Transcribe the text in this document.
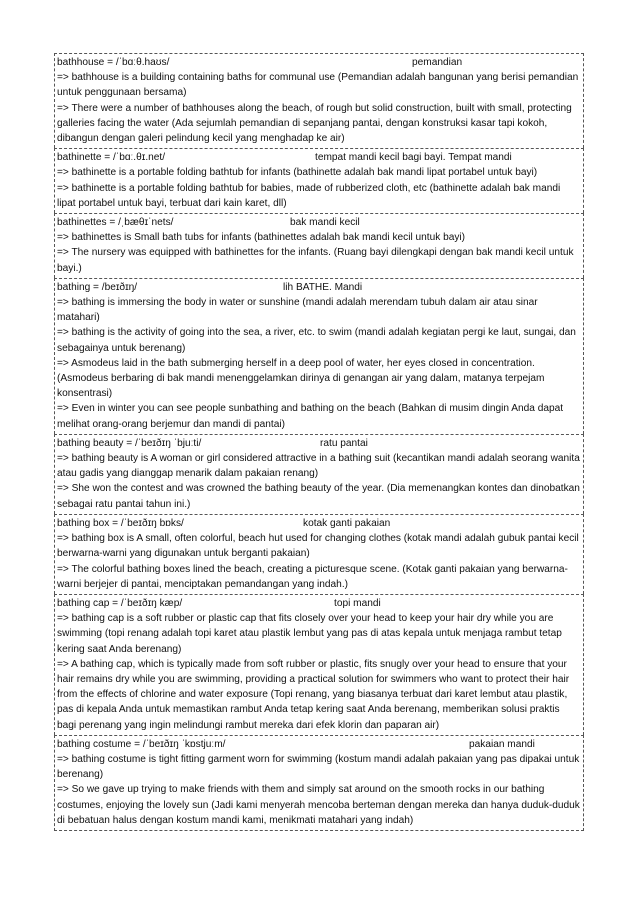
bathhouse = /ˈbɑːθ.haʊs/	pemandian
=> bathhouse is a building containing baths for communal use (Pemandian adalah bangunan yang berisi pemandian untuk penggunaan bersama)
=> There were a number of bathhouses along the beach, of rough but solid construction, built with small, protecting galleries facing the water (Ada sejumlah pemandian di sepanjang pantai, dengan konstruksi kasar tapi kokoh, dibangun dengan galeri pelindung kecil yang menghadap ke air)
bathinette = /ˈbɑː.θɪ.net/	tempat mandi kecil bagi bayi. Tempat mandi
=> bathinette is a portable folding bathtub for infants (bathinette adalah bak mandi lipat portabel untuk bayi)
=> bathinette is a portable folding bathtub for babies, made of rubberized cloth, etc (bathinette adalah bak mandi lipat portabel untuk bayi, terbuat dari kain karet, dll)
bathinettes = /ˌbæθɪˈnets/	bak mandi kecil
=> bathinettes is Small bath tubs for infants (bathinettes adalah bak mandi kecil untuk bayi)
=> The nursery was equipped with bathinettes for the infants. (Ruang bayi dilengkapi dengan bak mandi kecil untuk bayi.)
bathing = /beɪðɪŋ/	lih BATHE. Mandi
=> bathing is immersing the body in water or sunshine (mandi adalah merendam tubuh dalam air atau sinar matahari)
=> bathing is the activity of going into the sea, a river, etc. to swim (mandi adalah kegiatan pergi ke laut, sungai, dan sebagainya untuk berenang)
=> Asmodeus laid in the bath submerging herself in a deep pool of water, her eyes closed in concentration. (Asmodeus berbaring di bak mandi menenggelamkan dirinya di genangan air yang dalam, matanya terpejam konsentrasi)
=> Even in winter you can see people sunbathing and bathing on the beach (Bahkan di musim dingin Anda dapat melihat orang-orang berjemur dan mandi di pantai)
bathing beauty = /ˈbeɪðɪŋ ˈbjuːti/	ratu pantai
=> bathing beauty is A woman or girl considered attractive in a bathing suit (kecantikan mandi adalah seorang wanita atau gadis yang dianggap menarik dalam pakaian renang)
=> She won the contest and was crowned the bathing beauty of the year. (Dia memenangkan kontes dan dinobatkan sebagai ratu pantai tahun ini.)
bathing box = /ˈbeɪðɪŋ bɒks/	kotak ganti pakaian
=> bathing box is A small, often colorful, beach hut used for changing clothes (kotak mandi adalah gubuk pantai kecil berwarna-warni yang digunakan untuk berganti pakaian)
=> The colorful bathing boxes lined the beach, creating a picturesque scene. (Kotak ganti pakaian yang berwarna-warni berjejer di pantai, menciptakan pemandangan yang indah.)
bathing cap = /ˈbeɪðɪŋ kæp/	topi mandi
=> bathing cap is a soft rubber or plastic cap that fits closely over your head to keep your hair dry while you are swimming (topi renang adalah topi karet atau plastik lembut yang pas di atas kepala untuk menjaga rambut tetap kering saat Anda berenang)
=> A bathing cap, which is typically made from soft rubber or plastic, fits snugly over your head to ensure that your hair remains dry while you are swimming, providing a practical solution for swimmers who want to protect their hair from the effects of chlorine and water exposure (Topi renang, yang biasanya terbuat dari karet lembut atau plastik, pas di kepala Anda untuk memastikan rambut Anda tetap kering saat Anda berenang, memberikan solusi praktis bagi perenang yang ingin melindungi rambut mereka dari efek klorin dan paparan air)
bathing costume = /ˈbeɪðɪŋ ˈkɒstjuːm/	pakaian mandi
=> bathing costume is tight fitting garment worn for swimming (kostum mandi adalah pakaian yang pas dipakai untuk berenang)
=> So we gave up trying to make friends with them and simply sat around on the smooth rocks in our bathing costumes, enjoying the lovely sun (Jadi kami menyerah mencoba berteman dengan mereka dan hanya duduk-duduk di bebatuan halus dengan kostum mandi kami, menikmati matahari yang indah)
